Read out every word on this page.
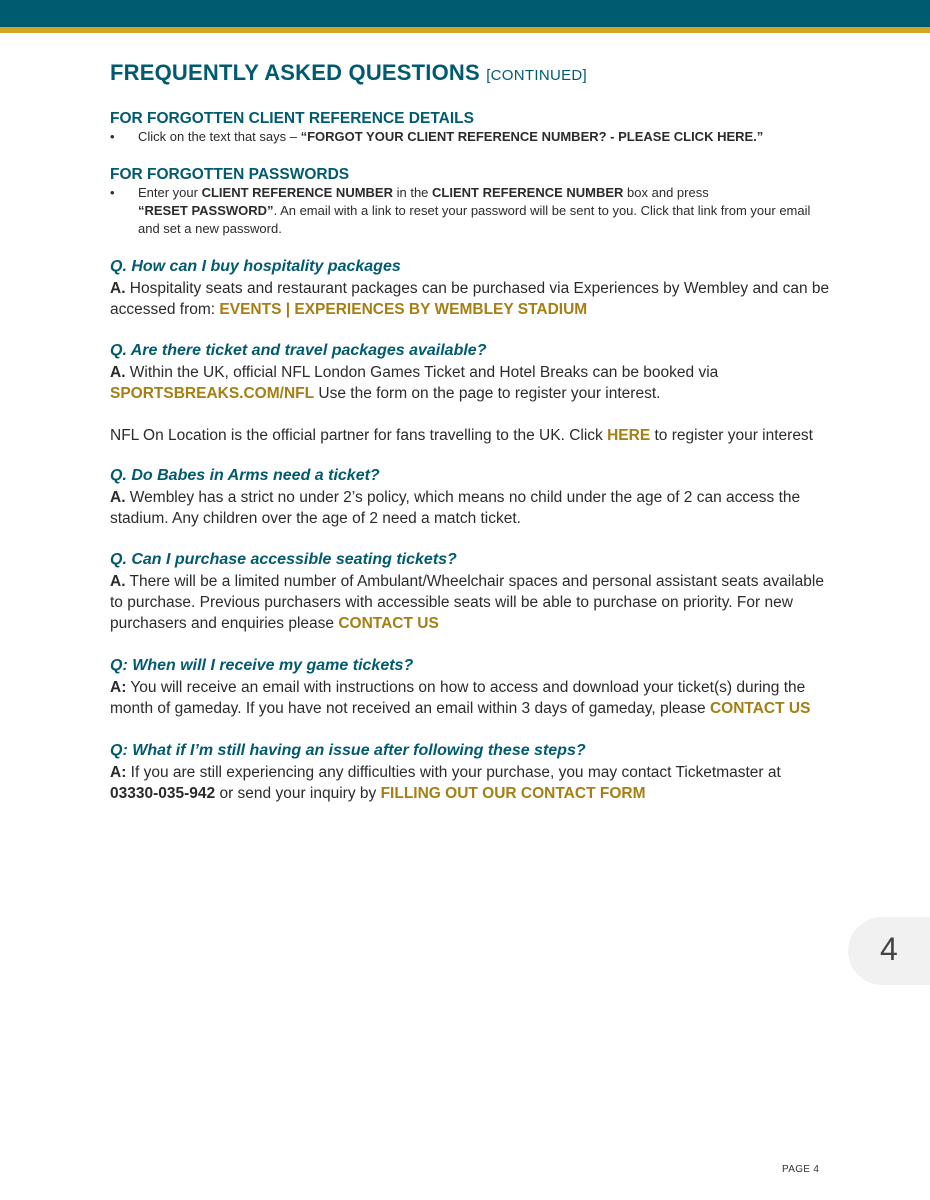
FREQUENTLY ASKED QUESTIONS [CONTINUED]
FOR FORGOTTEN CLIENT REFERENCE DETAILS
• Click on the text that says – “FORGOT YOUR CLIENT REFERENCE NUMBER? - PLEASE CLICK HERE.”
FOR FORGOTTEN PASSWORDS
• Enter your CLIENT REFERENCE NUMBER in the CLIENT REFERENCE NUMBER box and press
“RESET PASSWORD”. An email with a link to reset your password will be sent to you. Click that link from your email and set a new password.

Q. How can I buy hospitality packages

A. Hospitality seats and restaurant packages can be purchased via Experiences by Wembley and can be accessed from: EVENTS | EXPERIENCES BY WEMBLEY STADIUM

Q. Are there ticket and travel packages available?

A. Within the UK, official NFL London Games Ticket and Hotel Breaks can be booked via
SPORTSBREAKS.COM/NFL Use the form on the page to register your interest.

NFL On Location is the official partner for fans travelling to the UK. Click HERE to register your interest

Q. Do Babes in Arms need a ticket?

A. Wembley has a strict no under 2’s policy, which means no child under the age of 2 can access the stadium. Any children over the age of 2 need a match ticket.

Q. Can I purchase accessible seating tickets?

A. There will be a limited number of Ambulant/Wheelchair spaces and personal assistant seats available to purchase. Previous purchasers with accessible seats will be able to purchase on priority. For new purchasers and enquiries please CONTACT US

Q: When will I receive my game tickets?

A: You will receive an email with instructions on how to access and download your ticket(s) during the month of gameday. If you have not received an email within 3 days of gameday, please CONTACT US

Q: What if I’m still having an issue after following these steps?

A: If you are still experiencing any difficulties with your purchase, you may contact Ticketmaster at 03330-035-942 or send your inquiry by FILLING OUT OUR CONTACT FORM

4
PAGE 4
